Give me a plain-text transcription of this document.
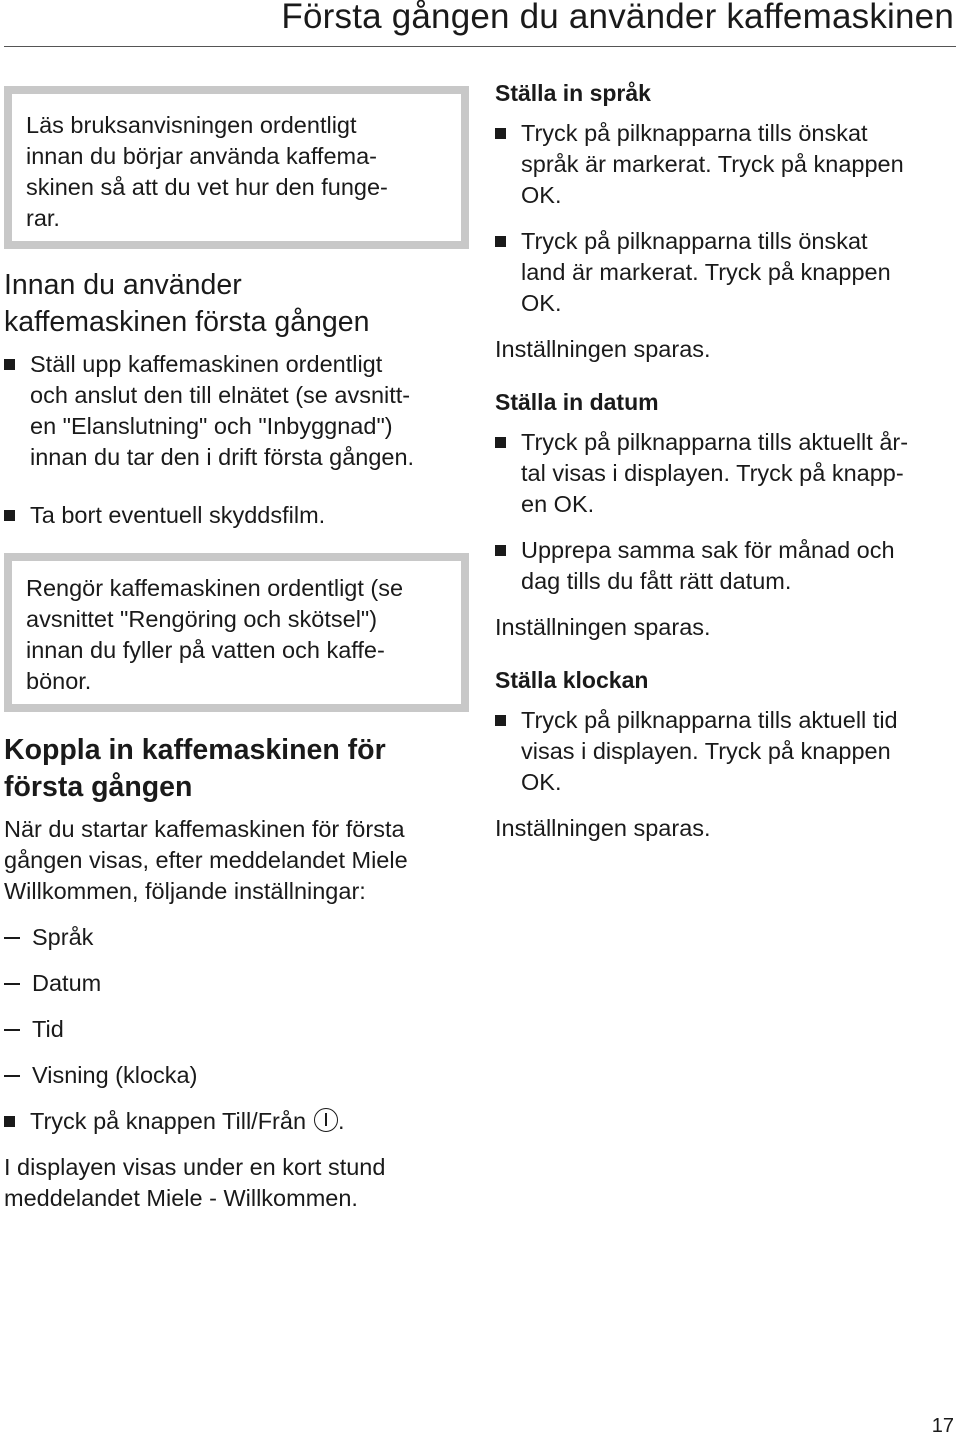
Första gången du använder kaffemaskinen
Läs bruksanvisningen ordentligt
innan du börjar använda kaffema-
skinen så att du vet hur den funge-
rar.
Innan du använder
kaffemaskinen första gången
Ställ upp kaffemaskinen ordentligt
och anslut den till elnätet (se avsnitt-
en "Elanslutning" och "Inbyggnad")
innan du tar den i drift första gången.
Ta bort eventuell skyddsfilm.
Rengör kaffemaskinen ordentligt (se
avsnittet "Rengöring och skötsel")
innan du fyller på vatten och kaffe-
bönor.
Koppla in kaffemaskinen för
första gången
När du startar kaffemaskinen för första
gången visas, efter meddelandet Miele
Willkommen, följande inställningar:
Språk
Datum
Tid
Visning (klocka)
Tryck på knappen Till/Från .
I displayen visas under en kort stund
meddelandet Miele - Willkommen.
Ställa in språk
Tryck på pilknapparna tills önskat
språk är markerat. Tryck på knappen
OK.
Tryck på pilknapparna tills önskat
land är markerat. Tryck på knappen
OK.
Inställningen sparas.
Ställa in datum
Tryck på pilknapparna tills aktuellt år-
tal visas i displayen. Tryck på knapp-
en OK.
Upprepa samma sak för månad och
dag tills du fått rätt datum.
Inställningen sparas.
Ställa klockan
Tryck på pilknapparna tills aktuell tid
visas i displayen. Tryck på knappen
OK.
Inställningen sparas.
17
